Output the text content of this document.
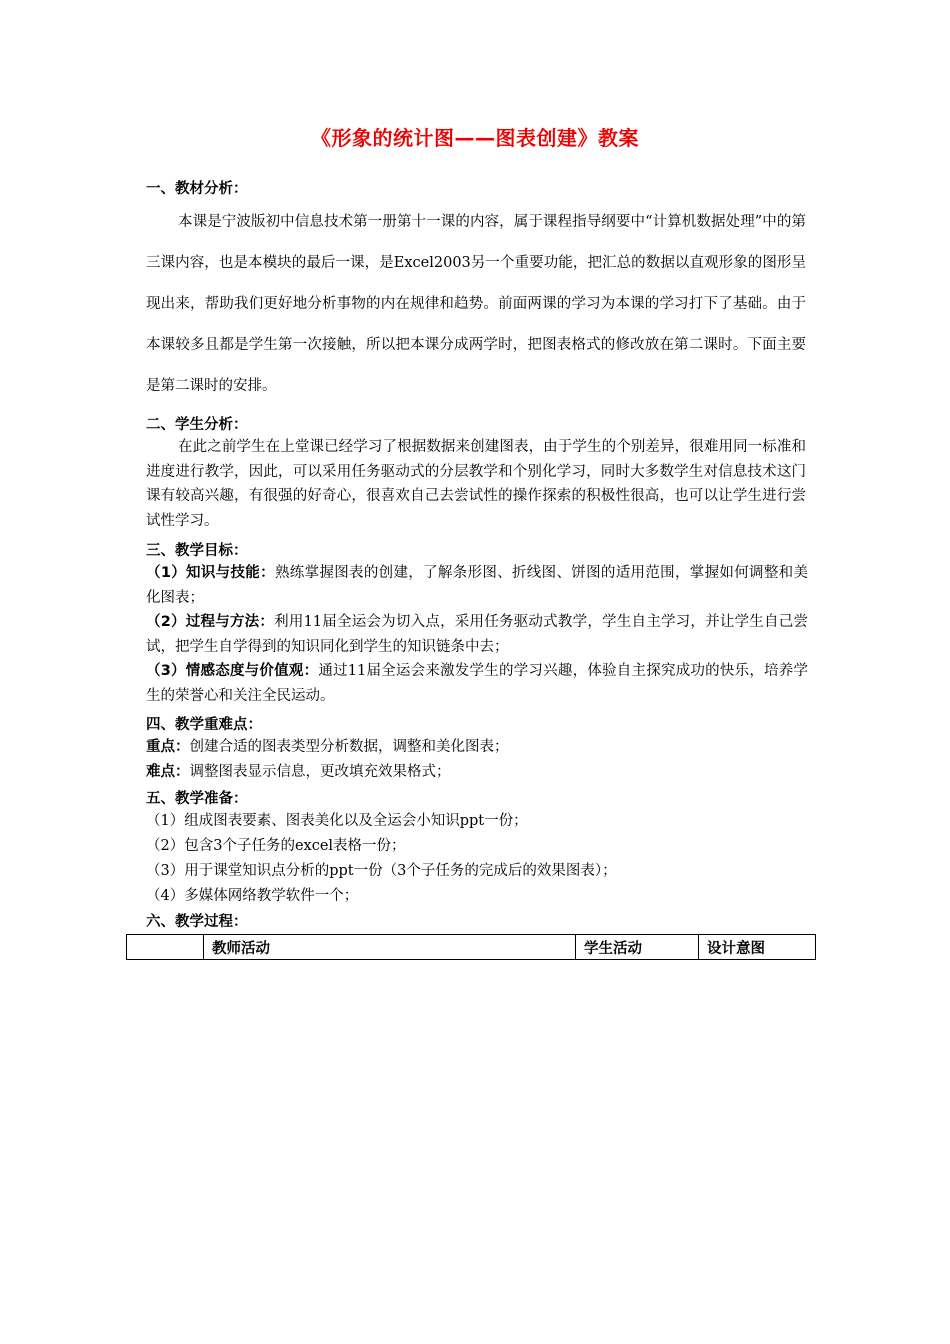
《形象的统计图——图表创建》教案
一、教材分析：
本课是宁波版初中信息技术第一册第十一课的内容，属于课程指导纲要中“计算机数据处理”中的第三课内容，也是本模块的最后一课，是Excel2003另一个重要功能，把汇总的数据以直观形象的图形呈现出来，帮助我们更好地分析事物的内在规律和趋势。前面两课的学习为本课的学习打下了基础。由于本课较多且都是学生第一次接触，所以把本课分成两学时，把图表格式的修改放在第二课时。下面主要是第二课时的安排。
二、学生分析：
在此之前学生在上堂课已经学习了根据数据来创建图表，由于学生的个别差异，很难用同一标准和进度进行教学，因此，可以采用任务驱动式的分层教学和个别化学习，同时大多数学生对信息技术这门课有较高兴趣，有很强的好奇心，很喜欢自己去尝试性的操作探索的积极性很高，也可以让学生进行尝试性学习。
三、教学目标：
（1）知识与技能：熟练掌握图表的创建，了解条形图、折线图、饼图的适用范围，掌握如何调整和美化图表；
（2）过程与方法：利用11届全运会为切入点，采用任务驱动式教学，学生自主学习，并让学生自己尝试，把学生自学得到的知识同化到学生的知识链条中去；
（3）情感态度与价值观：通过11届全运会来激发学生的学习兴趣，体验自主探究成功的快乐，培养学生的荣誉心和关注全民运动。
四、教学重难点：
重点：创建合适的图表类型分析数据，调整和美化图表；
难点：调整图表显示信息，更改填充效果格式；
五、教学准备：
（1）组成图表要素、图表美化以及全运会小知识ppt一份；
（2）包含3个子任务的excel表格一份；
（3）用于课堂知识点分析的ppt一份（3个子任务的完成后的效果图表）；
（4）多媒体网络教学软件一个；
六、教学过程：
	教师活动	学生活动	设计意图
